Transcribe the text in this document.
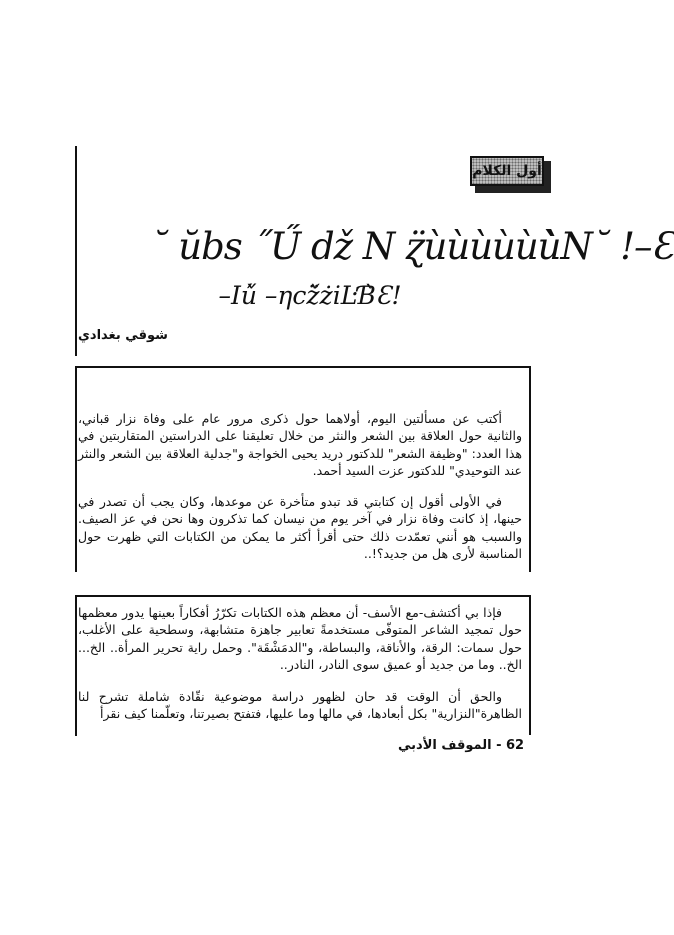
أول الكلام
˘ ŭbs ˝Ű dž N ɀ̈ùùùùùù̀Ν˘ !–Ɛ
–Iű̀ –ηcž̈żiĿƁ̀Ɛ!
شوقي بغدادي

أكتب عن مسألتين اليوم، أولاهما حول ذكرى مرور عام على وفاة نزار قباني، والثانية حول العلاقة بين الشعر والنثر من خلال تعليقنا على الدراستين المتقاربتين في هذا العدد: "وظيفة الشعر" للدكتور دريد يحيى الخواجة و"جدلية العلاقة بين الشعر والنثر عند التوحيدي" للدكتور عزت السيد أحمد.

في الأولى أقول إن كتابتي قد تبدو متأخرة عن موعدها، وكان يجب أن تصدر في حينها، إذ كانت وفاة نزار في آخر يوم من نيسان كما تذكرون وها نحن في عز الصيف. والسبب هو أنني تعمّدت ذلك حتى أقرأ أكثر ما يمكن من الكتابات التي ظهرت حول المناسبة لأرى هل من جديد؟!..

فإذا بي أكتشف-مع الأسف- أن معظم هذه الكتابات تكرّرُ أفكاراً بعينها يدور معظمها حول تمجيد الشاعر المتوفّى مستخدمةً تعابير جاهزة متشابهة، وسطحية على الأغلب، حول سمات: الرقة، والأناقة، والبساطة، و"الدمَشْقَة". وحمل راية تحرير المرأة.. الخ... الخ.. وما من جديد أو عميق سوى النادر، النادر..

والحق أن الوقت قد حان لظهور دراسة موضوعية نقّادة شاملة تشرح لنا الظاهرة"النزارية" بكل أبعادها، في مالها وما عليها، فتفتح بصيرتنا، وتعلّمنا كيف نقرأ

62 - الموقف الأدبي
